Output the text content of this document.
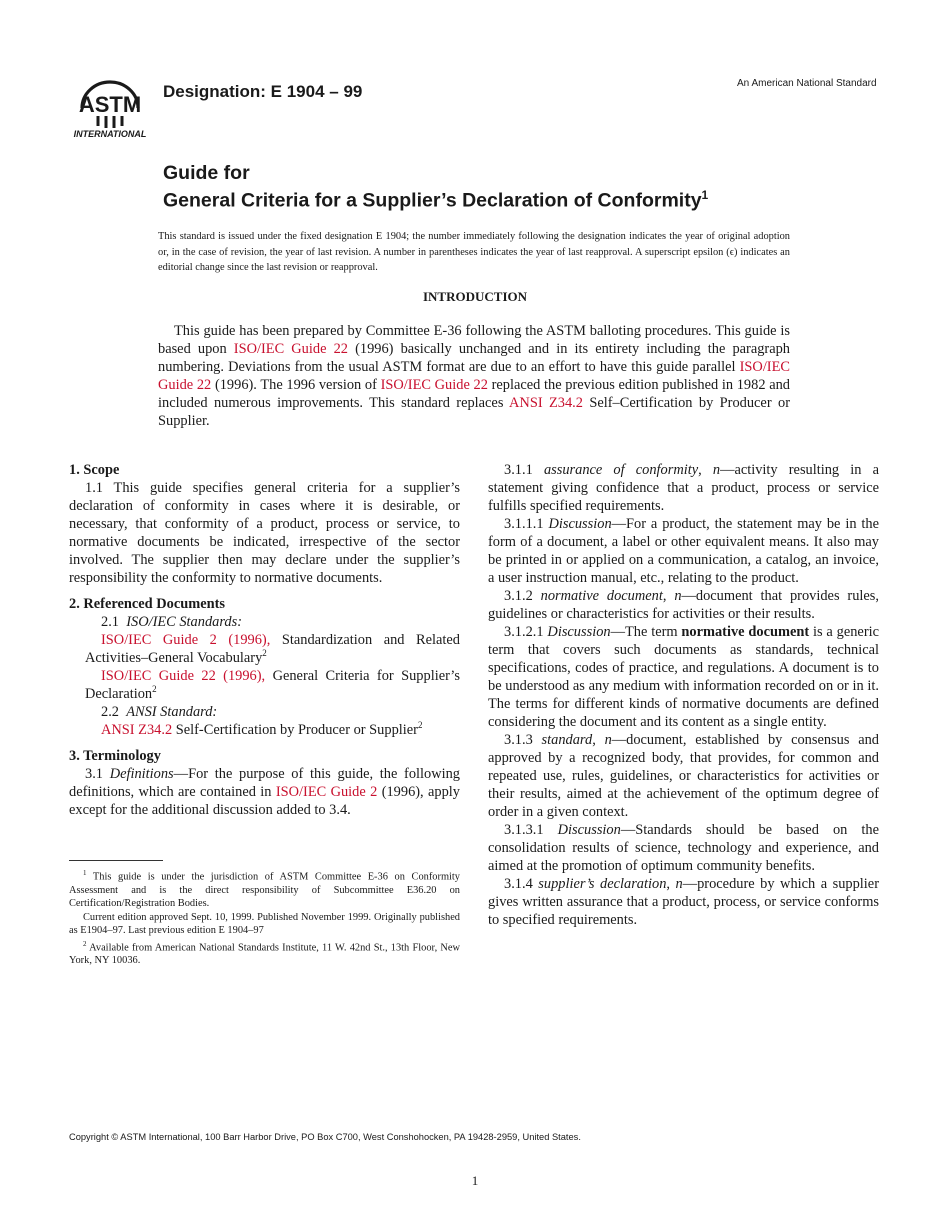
ASTM
INTERNATIONAL
Designation: E 1904 – 99	An American National Standard
Guide for
General Criteria for a Supplier’s Declaration of Conformity$^1$
This standard is issued under the fixed designation E 1904; the number immediately following the designation indicates the year of original adoption or, in the case of revision, the year of last revision. A number in parentheses indicates the year of last reapproval. A superscript epsilon (ϵ) indicates an editorial change since the last revision or reapproval.
INTRODUCTION
This guide has been prepared by Committee E-36 following the ASTM balloting procedures. This guide is based upon ISO/IEC Guide 22 (1996) basically unchanged and in its entirety including the paragraph numbering. Deviations from the usual ASTM format are due to an effort to have this guide parallel ISO/IEC Guide 22 (1996). The 1996 version of ISO/IEC Guide 22 replaced the previous edition published in 1982 and included numerous improvements. This standard replaces ANSI Z34.2 Self–Certification by Producer or Supplier.
1. Scope

1.1 This guide specifies general criteria for a supplier’s declaration of conformity in cases where it is desirable, or necessary, that conformity of a product, process or service, to normative documents be indicated, irrespective of the sector involved. The supplier then may declare under the supplier’s responsibility the conformity to normative documents.

2. Referenced Documents

2.1 ISO/IEC Standards:

ISO/IEC Guide 2 (1996), Standardization and Related Activities–General Vocabulary$^2$

ISO/IEC Guide 22 (1996), General Criteria for Supplier’s Declaration$^2$

2.2 ANSI Standard:

ANSI Z34.2 Self-Certification by Producer or Supplier$^2$

3. Terminology

3.1 Definitions—For the purpose of this guide, the following definitions, which are contained in ISO/IEC Guide 2 (1996), apply except for the additional discussion added to 3.4.

3.1.1 assurance of conformity, n—activity resulting in a statement giving confidence that a product, process or service fulfills specified requirements.

3.1.1.1 Discussion—For a product, the statement may be in the form of a document, a label or other equivalent means. It also may be printed in or applied on a communication, a catalog, an invoice, a user instruction manual, etc., relating to the product.

3.1.2 normative document, n—document that provides rules, guidelines or characteristics for activities or their results.

3.1.2.1 Discussion—The term normative document is a generic term that covers such documents as standards, technical specifications, codes of practice, and regulations. A document is to be understood as any medium with information recorded on or in it. The terms for different kinds of normative documents are defined considering the document and its content as a single entity.

3.1.3 standard, n—document, established by consensus and approved by a recognized body, that provides, for common and repeated use, rules, guidelines, or characteristics for activities or their results, aimed at the achievement of the optimum degree of order in a given context.

3.1.3.1 Discussion—Standards should be based on the consolidation results of science, technology and experience, and aimed at the promotion of optimum community benefits.

3.1.4 supplier’s declaration, n—procedure by which a supplier gives written assurance that a product, process, or service conforms to specified requirements.

$^1$ This guide is under the jurisdiction of ASTM Committee E-36 on Conformity Assessment and is the direct responsibility of Subcommittee E36.20 on Certification/Registration Bodies.

Current edition approved Sept. 10, 1999. Published November 1999. Originally published as E1904–97. Last previous edition E 1904–97

$^2$ Available from American National Standards Institute, 11 W. 42nd St., 13th Floor, New York, NY 10036.

Copyright © ASTM International, 100 Barr Harbor Drive, PO Box C700, West Conshohocken, PA 19428-2959, United States.
1
